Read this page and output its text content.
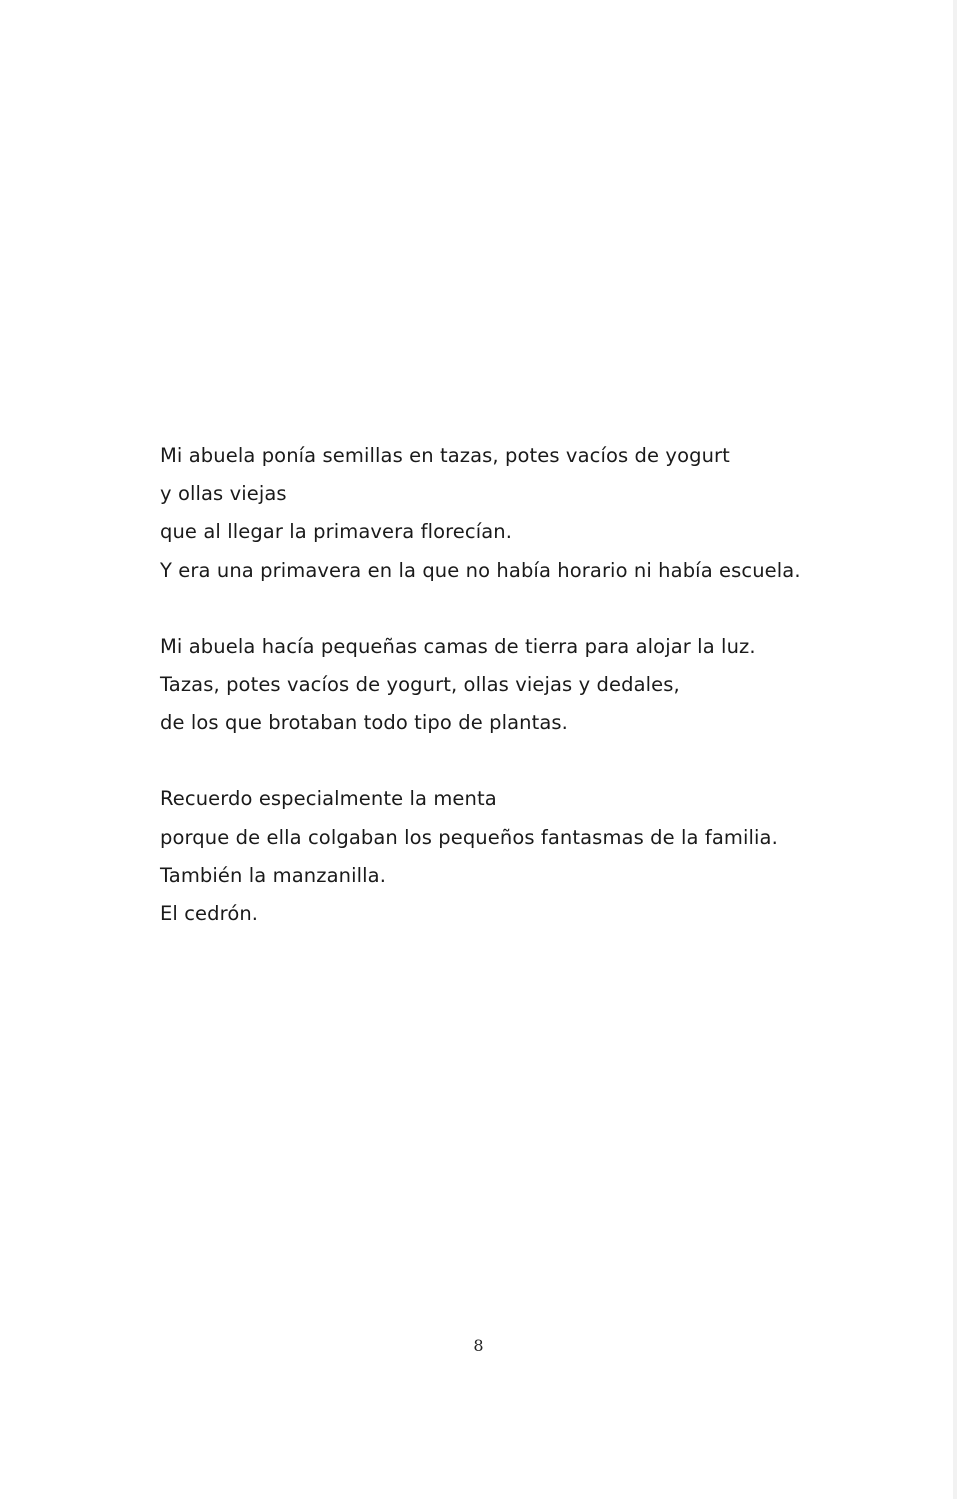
Mi abuela ponía semillas en tazas, potes vacíos de yogurt
y ollas viejas
que al llegar la primavera florecían.
Y era una primavera en la que no había horario ni había escuela.
Mi abuela hacía pequeñas camas de tierra para alojar la luz.
Tazas, potes vacíos de yogurt, ollas viejas y dedales,
de los que brotaban todo tipo de plantas.
Recuerdo especialmente la menta
porque de ella colgaban los pequeños fantasmas de la familia.
También la manzanilla.
El cedrón.
8
